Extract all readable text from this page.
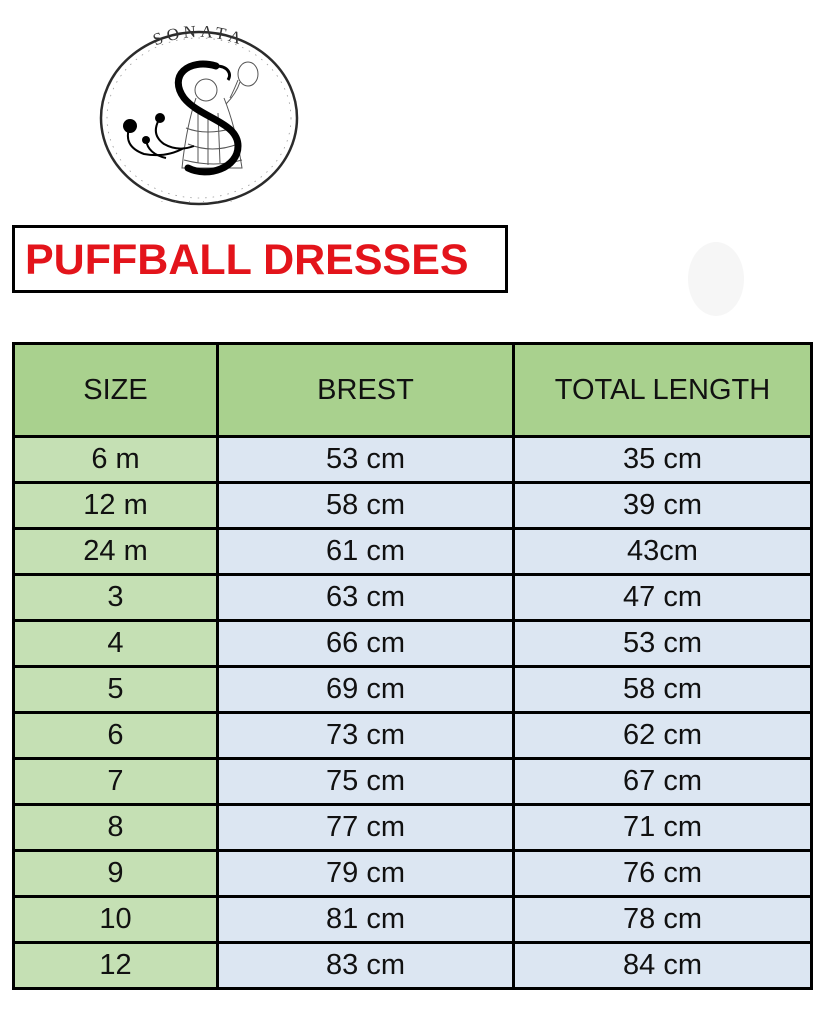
SONATA
. . . . . .
PUFFBALL DRESSES
SIZE	BREST	TOTAL LENGTH
6 m	53 cm	35 cm
12 m	58 cm	39 cm
24 m	61 cm	43cm
3	63 cm	47 cm
4	66 cm	53 cm
5	69 cm	58 cm
6	73 cm	62 cm
7	75 cm	67 cm
8	77 cm	71 cm
9	79 cm	76 cm
10	81 cm	78 cm
12	83 cm	84 cm
